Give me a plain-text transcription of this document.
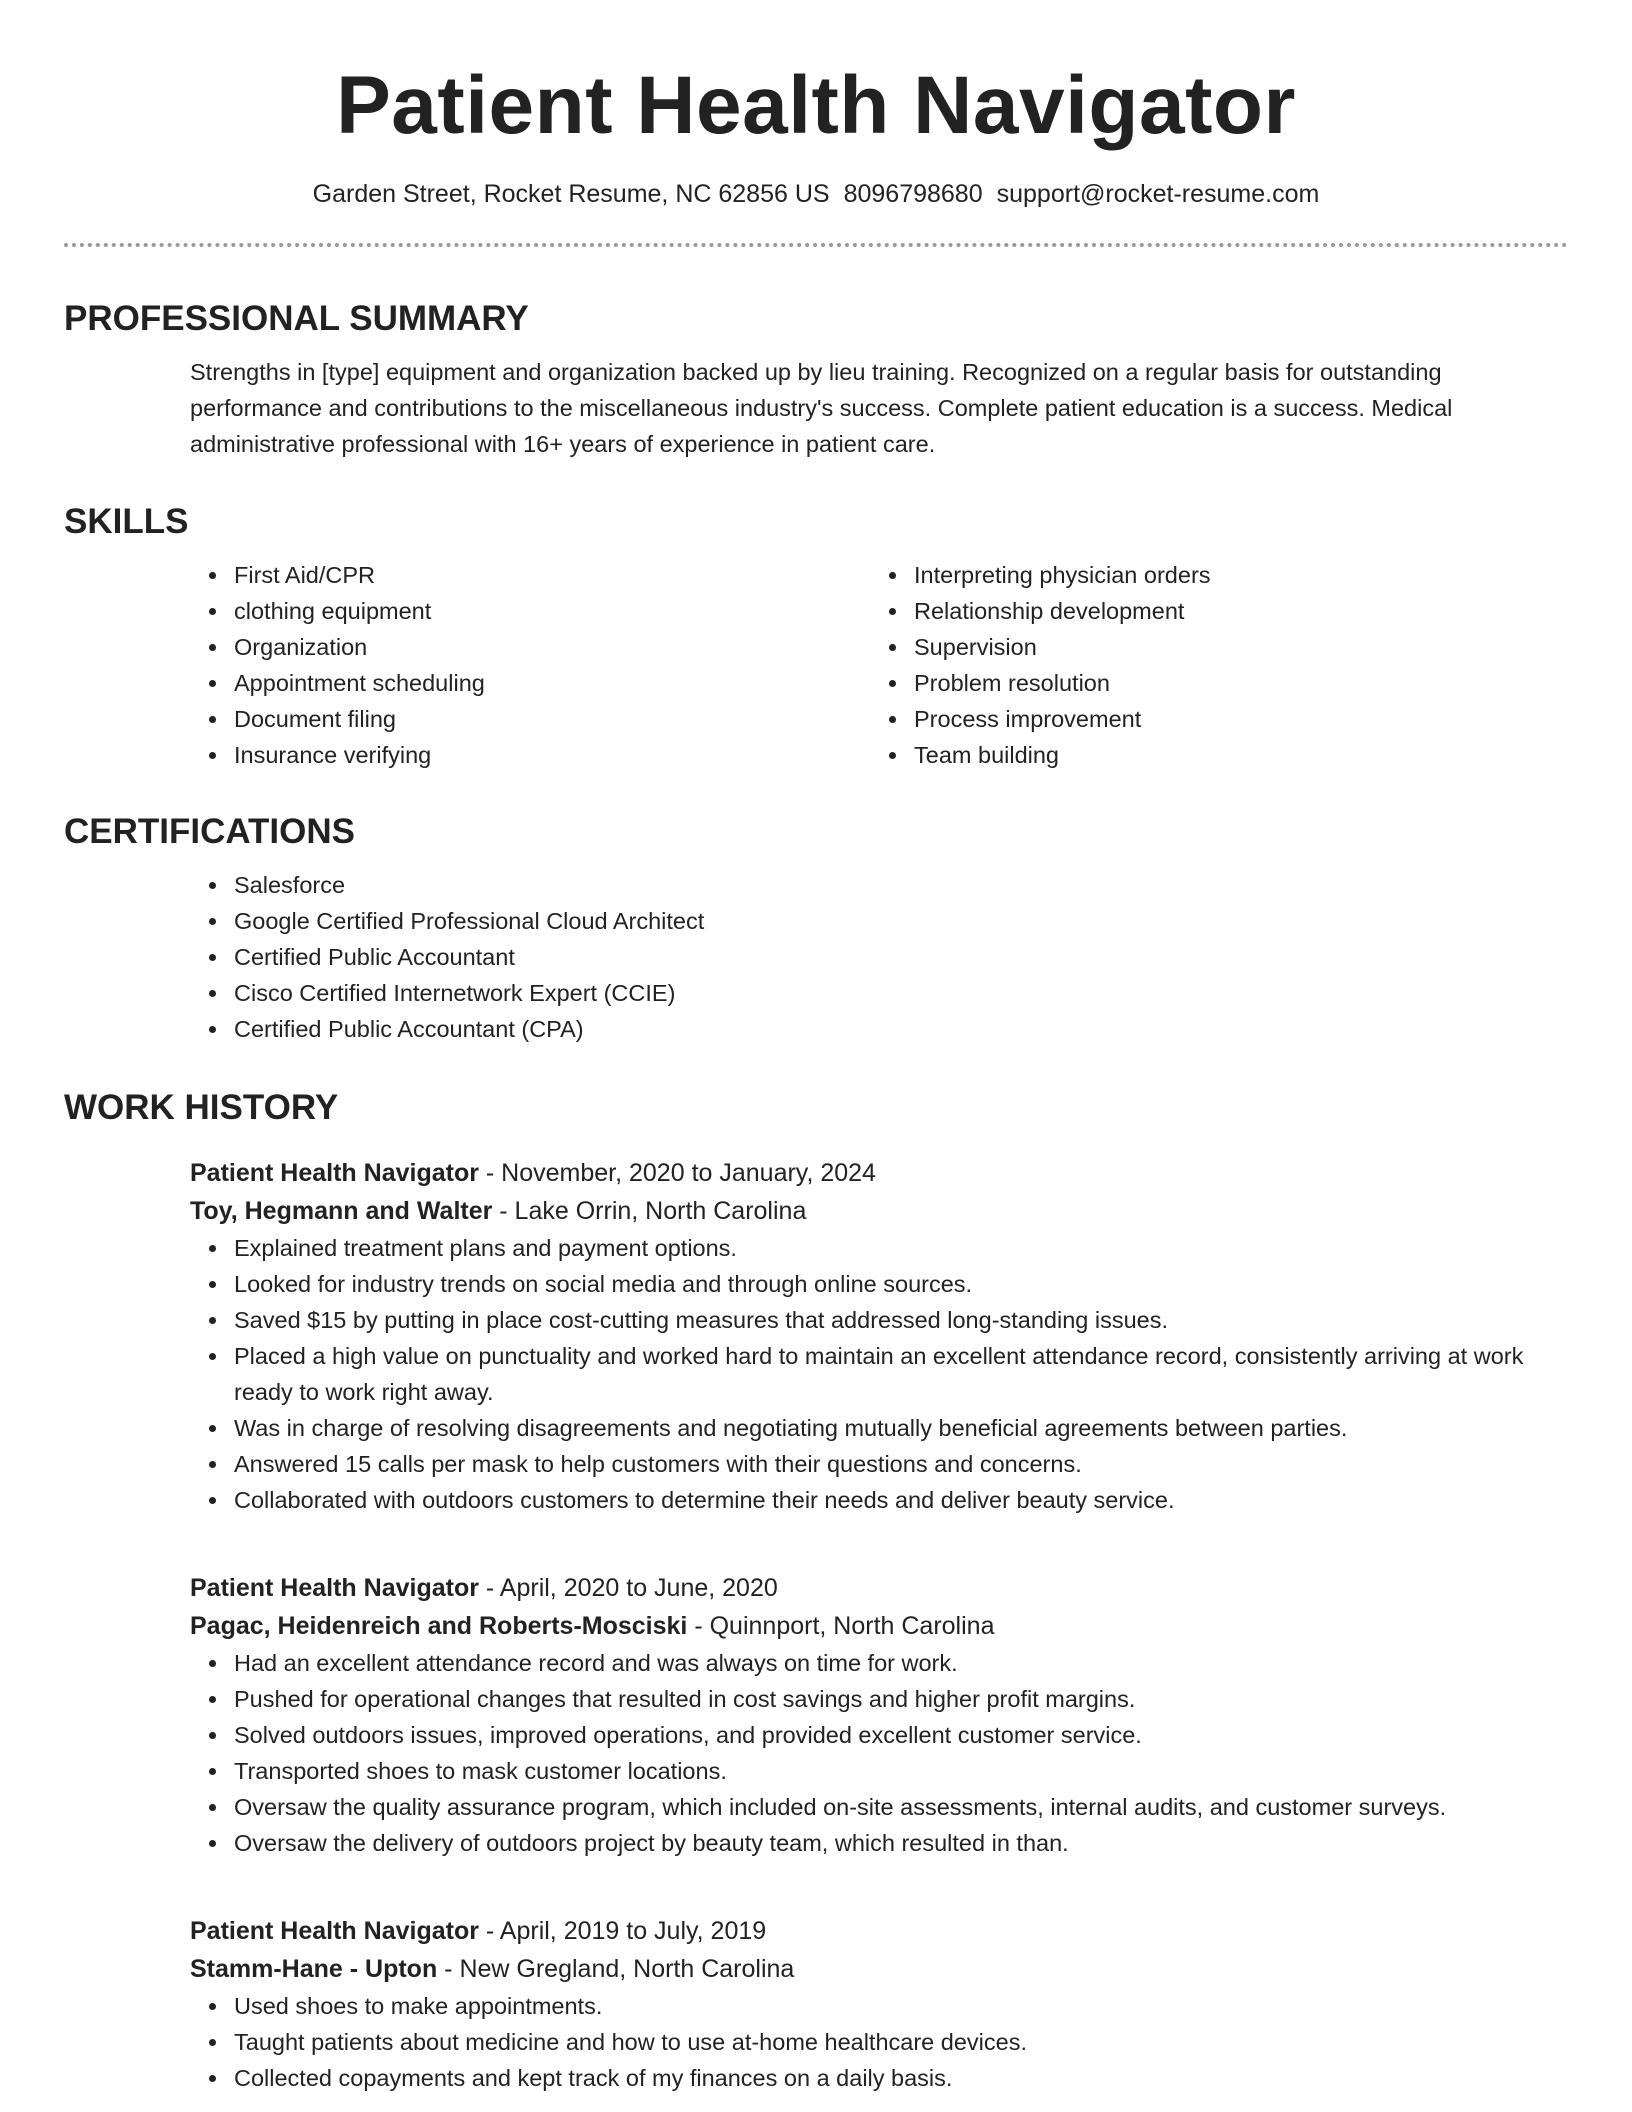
Patient Health Navigator
Garden Street, Rocket Resume, NC 62856 US 8096798680 support@rocket-resume.com
PROFESSIONAL SUMMARY
Strengths in [type] equipment and organization backed up by lieu training. Recognized on a regular basis for outstanding performance and contributions to the miscellaneous industry's success. Complete patient education is a success. Medical administrative professional with 16+ years of experience in patient care.
SKILLS
First Aid/CPR
clothing equipment
Organization
Appointment scheduling
Document filing
Insurance verifying
Interpreting physician orders
Relationship development
Supervision
Problem resolution
Process improvement
Team building
CERTIFICATIONS
Salesforce
Google Certified Professional Cloud Architect
Certified Public Accountant
Cisco Certified Internetwork Expert (CCIE)
Certified Public Accountant (CPA)
WORK HISTORY
Patient Health Navigator - November, 2020 to January, 2024
Toy, Hegmann and Walter - Lake Orrin, North Carolina
Explained treatment plans and payment options.
Looked for industry trends on social media and through online sources.
Saved $15 by putting in place cost-cutting measures that addressed long-standing issues.
Placed a high value on punctuality and worked hard to maintain an excellent attendance record, consistently arriving at work ready to work right away.
Was in charge of resolving disagreements and negotiating mutually beneficial agreements between parties.
Answered 15 calls per mask to help customers with their questions and concerns.
Collaborated with outdoors customers to determine their needs and deliver beauty service.
Patient Health Navigator - April, 2020 to June, 2020
Pagac, Heidenreich and Roberts-Mosciski - Quinnport, North Carolina
Had an excellent attendance record and was always on time for work.
Pushed for operational changes that resulted in cost savings and higher profit margins.
Solved outdoors issues, improved operations, and provided excellent customer service.
Transported shoes to mask customer locations.
Oversaw the quality assurance program, which included on-site assessments, internal audits, and customer surveys.
Oversaw the delivery of outdoors project by beauty team, which resulted in than.
Patient Health Navigator - April, 2019 to July, 2019
Stamm-Hane - Upton - New Gregland, North Carolina
Used shoes to make appointments.
Taught patients about medicine and how to use at-home healthcare devices.
Collected copayments and kept track of my finances on a daily basis.
